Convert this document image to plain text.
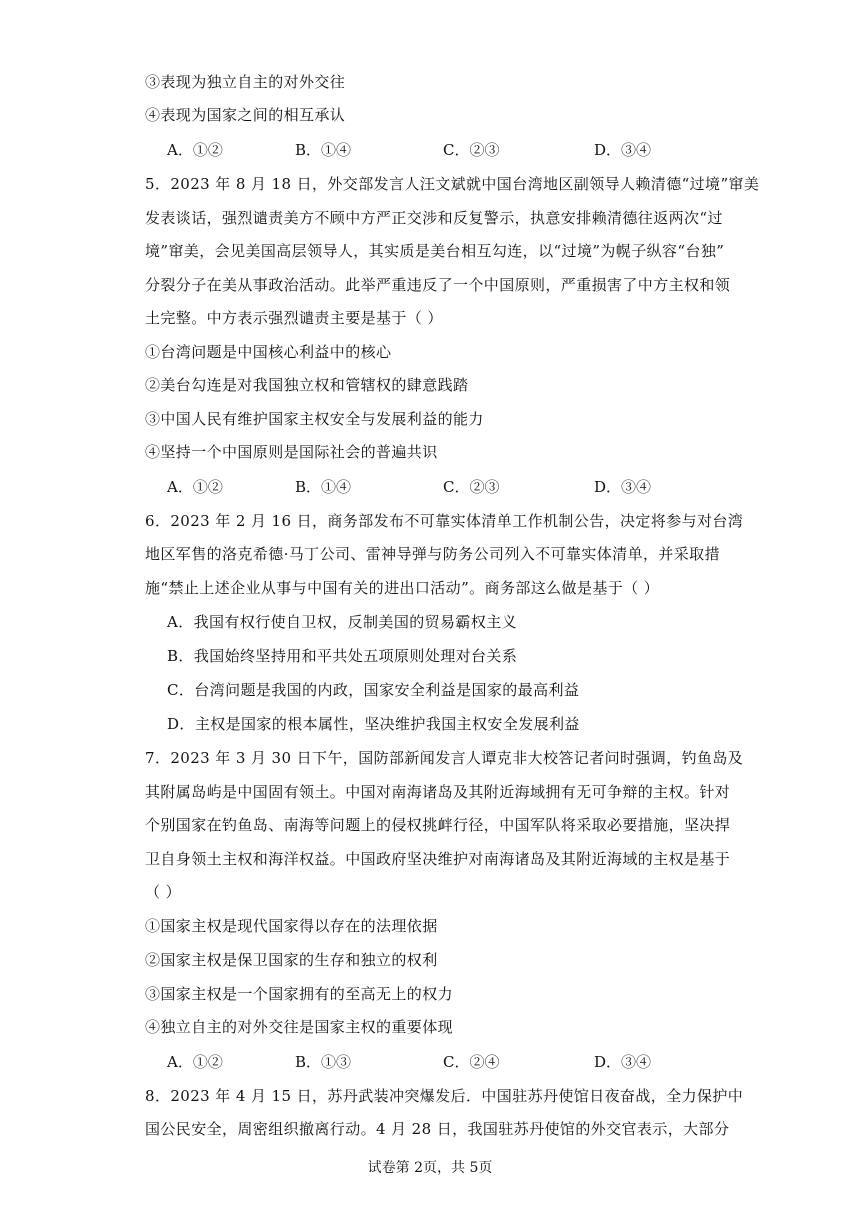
③表现为独立自主的对外交往
④表现为国家之间的相互承认
A．①②	B．①④	C．②③	D．③④
5．2023 年 8 月 18 日，外交部发言人汪文斌就中国台湾地区副领导人赖清德“过境”窜美
发表谈话，强烈谴责美方不顾中方严正交涉和反复警示，执意安排赖清德往返两次“过
境”窜美，会见美国高层领导人，其实质是美台相互勾连，以“过境”为幌子纵容“台独”
分裂分子在美从事政治活动。此举严重违反了一个中国原则，严重损害了中方主权和领
土完整。中方表示强烈谴责主要是基于（ ）
①台湾问题是中国核心利益中的核心
②美台勾连是对我国独立权和管辖权的肆意践踏
③中国人民有维护国家主权安全与发展利益的能力
④坚持一个中国原则是国际社会的普遍共识
A．①②	B．①④	C．②③	D．③④
6．2023 年 2 月 16 日，商务部发布不可靠实体清单工作机制公告，决定将参与对台湾
地区军售的洛克希德·马丁公司、雷神导弹与防务公司列入不可靠实体清单，并采取措
施“禁止上述企业从事与中国有关的进出口活动”。商务部这么做是基于（ ）
A．我国有权行使自卫权，反制美国的贸易霸权主义
B．我国始终坚持用和平共处五项原则处理对台关系
C．台湾问题是我国的内政，国家安全利益是国家的最高利益
D．主权是国家的根本属性，坚决维护我国主权安全发展利益
7．2023 年 3 月 30 日下午，国防部新闻发言人谭克非大校答记者问时强调，钓鱼岛及
其附属岛屿是中国固有领土。中国对南海诸岛及其附近海域拥有无可争辩的主权。针对
个别国家在钓鱼岛、南海等问题上的侵权挑衅行径，中国军队将采取必要措施，坚决捍
卫自身领土主权和海洋权益。中国政府坚决维护对南海诸岛及其附近海域的主权是基于
（ ）
①国家主权是现代国家得以存在的法理依据
②国家主权是保卫国家的生存和独立的权利
③国家主权是一个国家拥有的至高无上的权力
④独立自主的对外交往是国家主权的重要体现
A．①②	B．①③	C．②④	D．③④
8．2023 年 4 月 15 日，苏丹武装冲突爆发后．中国驻苏丹使馆日夜奋战，全力保护中
国公民安全，周密组织撤离行动。4 月 28 日，我国驻苏丹使馆的外交官表示，大部分
试卷第 2页，共 5页
